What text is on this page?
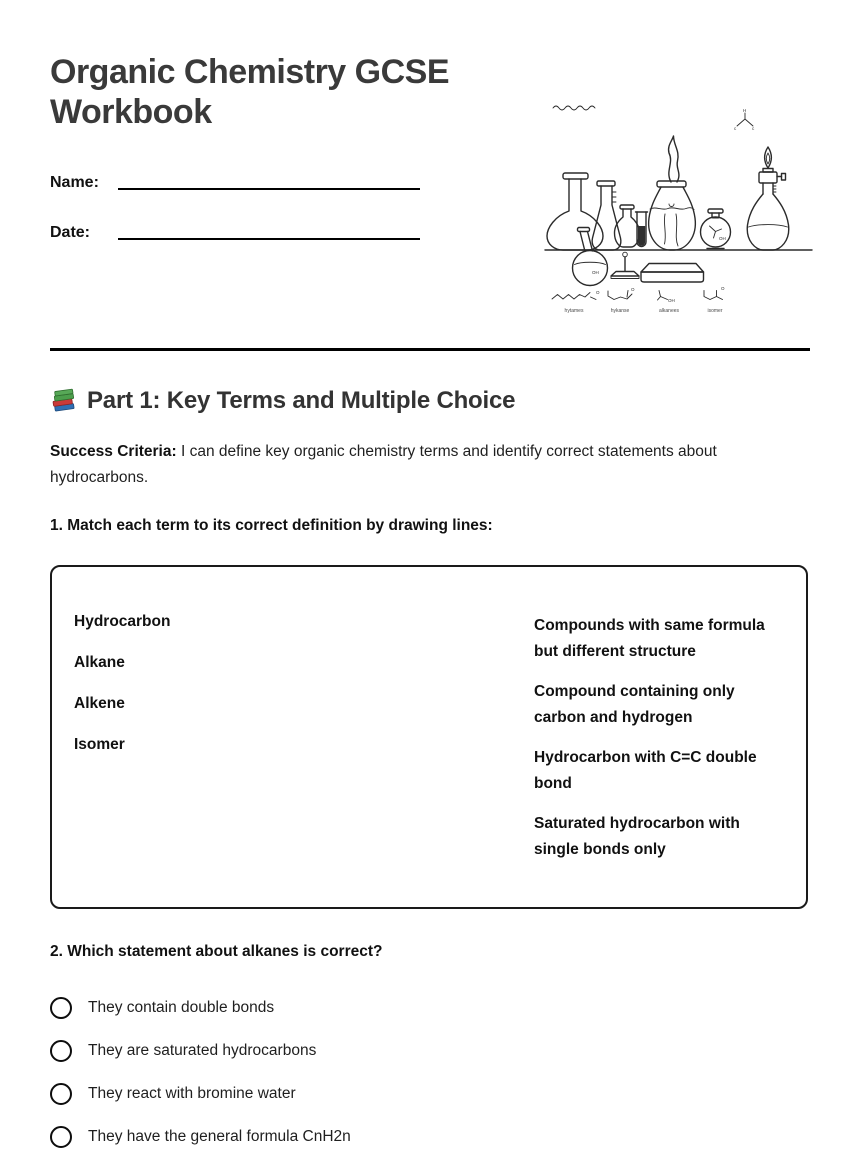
Organic Chemistry GCSE Workbook
Name:
Date:
c	c
H
OH
OH
O
hytames
O
hykanse
OH
alkanees
O
isomer
Part 1: Key Terms and Multiple Choice

Success Criteria: I can define key organic chemistry terms and identify correct statements about hydrocarbons.

1. Match each term to its correct definition by drawing lines:

Hydrocarbon
Alkane
Alkene
Isomer

Compounds with same formula but different structure

Compound containing only carbon and hydrogen

Hydrocarbon with C=C double bond

Saturated hydrocarbon with single bonds only

2. Which statement about alkanes is correct?

They contain double bonds
They are saturated hydrocarbons
They react with bromine water
They have the general formula CnH2n
